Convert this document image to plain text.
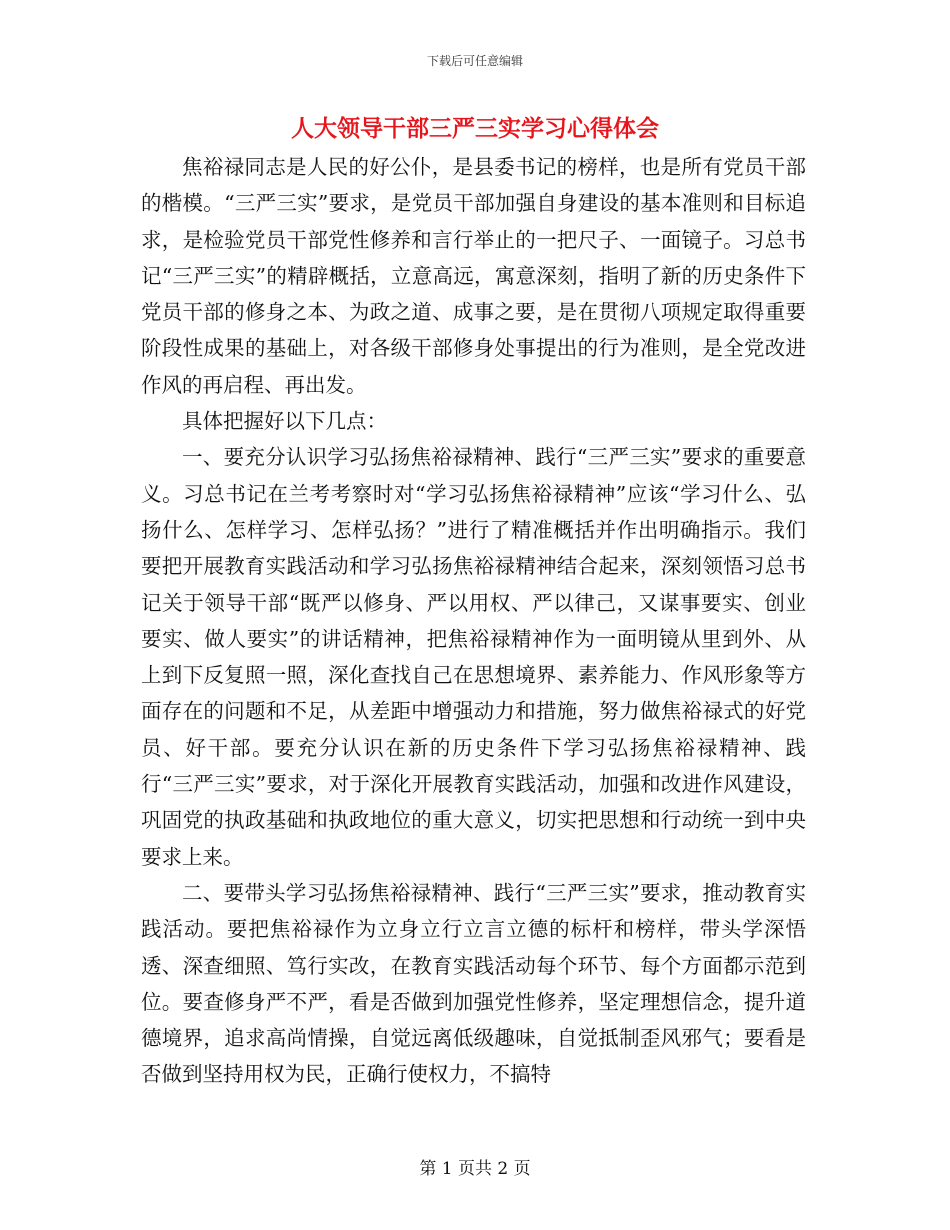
下载后可任意编辑
人大领导干部三严三实学习心得体会

焦裕禄同志是人民的好公仆，是县委书记的榜样，也是所有党员干部的楷模。“三严三实”要求，是党员干部加强自身建设的基本准则和目标追求，是检验党员干部党性修养和言行举止的一把尺子、一面镜子。习总书记“三严三实”的精辟概括，立意高远，寓意深刻，指明了新的历史条件下党员干部的修身之本、为政之道、成事之要，是在贯彻八项规定取得重要阶段性成果的基础上，对各级干部修身处事提出的行为准则，是全党改进作风的再启程、再出发。

具体把握好以下几点：

一、要充分认识学习弘扬焦裕禄精神、践行“三严三实”要求的重要意义。习总书记在兰考考察时对“学习弘扬焦裕禄精神”应该“学习什么、弘扬什么、怎样学习、怎样弘扬？”进行了精准概括并作出明确指示。我们要把开展教育实践活动和学习弘扬焦裕禄精神结合起来，深刻领悟习总书记关于领导干部“既严以修身、严以用权、严以律己，又谋事要实、创业要实、做人要实”的讲话精神，把焦裕禄精神作为一面明镜从里到外、从上到下反复照一照，深化查找自己在思想境界、素养能力、作风形象等方面存在的问题和不足，从差距中增强动力和措施，努力做焦裕禄式的好党员、好干部。要充分认识在新的历史条件下学习弘扬焦裕禄精神、践行“三严三实”要求，对于深化开展教育实践活动，加强和改进作风建设，巩固党的执政基础和执政地位的重大意义，切实把思想和行动统一到中央要求上来。

二、要带头学习弘扬焦裕禄精神、践行“三严三实”要求，推动教育实践活动。要把焦裕禄作为立身立行立言立德的标杆和榜样，带头学深悟透、深查细照、笃行实改，在教育实践活动每个环节、每个方面都示范到位。要查修身严不严，看是否做到加强党性修养，坚定理想信念，提升道德境界，追求高尚情操，自觉远离低级趣味，自觉抵制歪风邪气；要看是否做到坚持用权为民，正确行使权力，不搞特

第 1 页共 2 页
